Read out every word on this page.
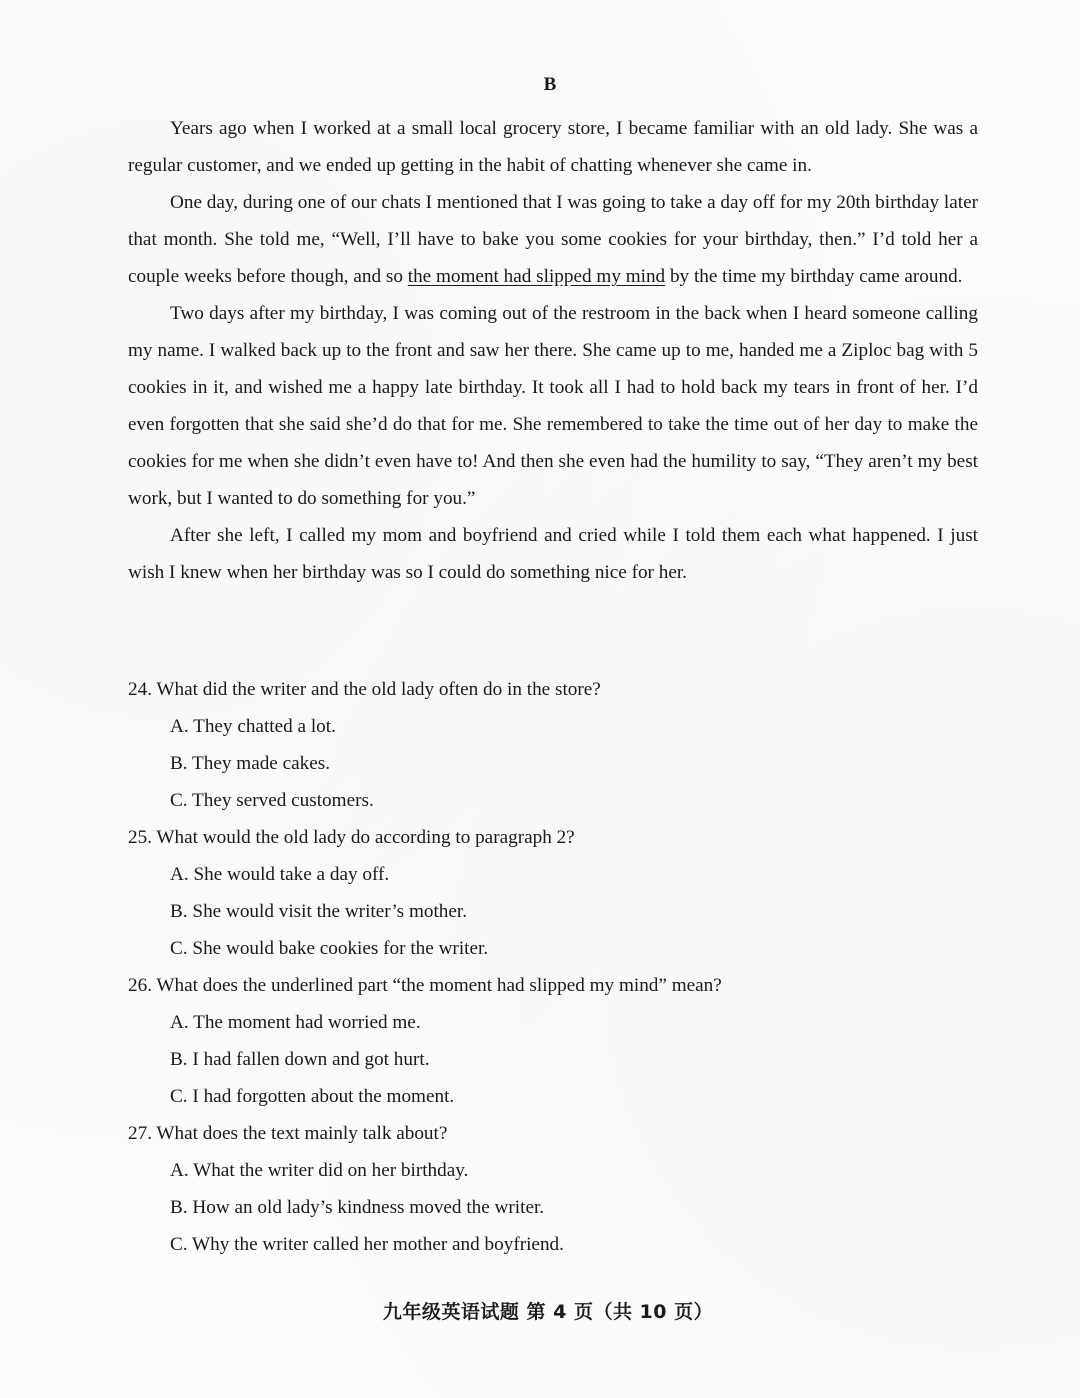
B

Years ago when I worked at a small local grocery store, I became familiar with an old lady. She was a regular customer, and we ended up getting in the habit of chatting whenever she came in.

One day, during one of our chats I mentioned that I was going to take a day off for my 20th birthday later that month. She told me, “Well, I’ll have to bake you some cookies for your birthday, then.” I’d told her a couple weeks before though, and so the moment had slipped my mind by the time my birthday came around.

Two days after my birthday, I was coming out of the restroom in the back when I heard someone calling my name. I walked back up to the front and saw her there. She came up to me, handed me a Ziploc bag with 5 cookies in it, and wished me a happy late birthday. It took all I had to hold back my tears in front of her. I’d even forgotten that she said she’d do that for me. She remembered to take the time out of her day to make the cookies for me when she didn’t even have to! And then she even had the humility to say, “They aren’t my best work, but I wanted to do something for you.”

After she left, I called my mom and boyfriend and cried while I told them each what happened. I just wish I knew when her birthday was so I could do something nice for her.

24. What did the writer and the old lady often do in the store?
A. They chatted a lot.
B. They made cakes.
C. They served customers.
25. What would the old lady do according to paragraph 2?
A. She would take a day off.
B. She would visit the writer’s mother.
C. She would bake cookies for the writer.
26. What does the underlined part “the moment had slipped my mind” mean?
A. The moment had worried me.
B. I had fallen down and got hurt.
C. I had forgotten about the moment.
27. What does the text mainly talk about?
A. What the writer did on her birthday.
B. How an old lady’s kindness moved the writer.
C. Why the writer called her mother and boyfriend.
九年级英语试题 第 4 页（共 10 页）
